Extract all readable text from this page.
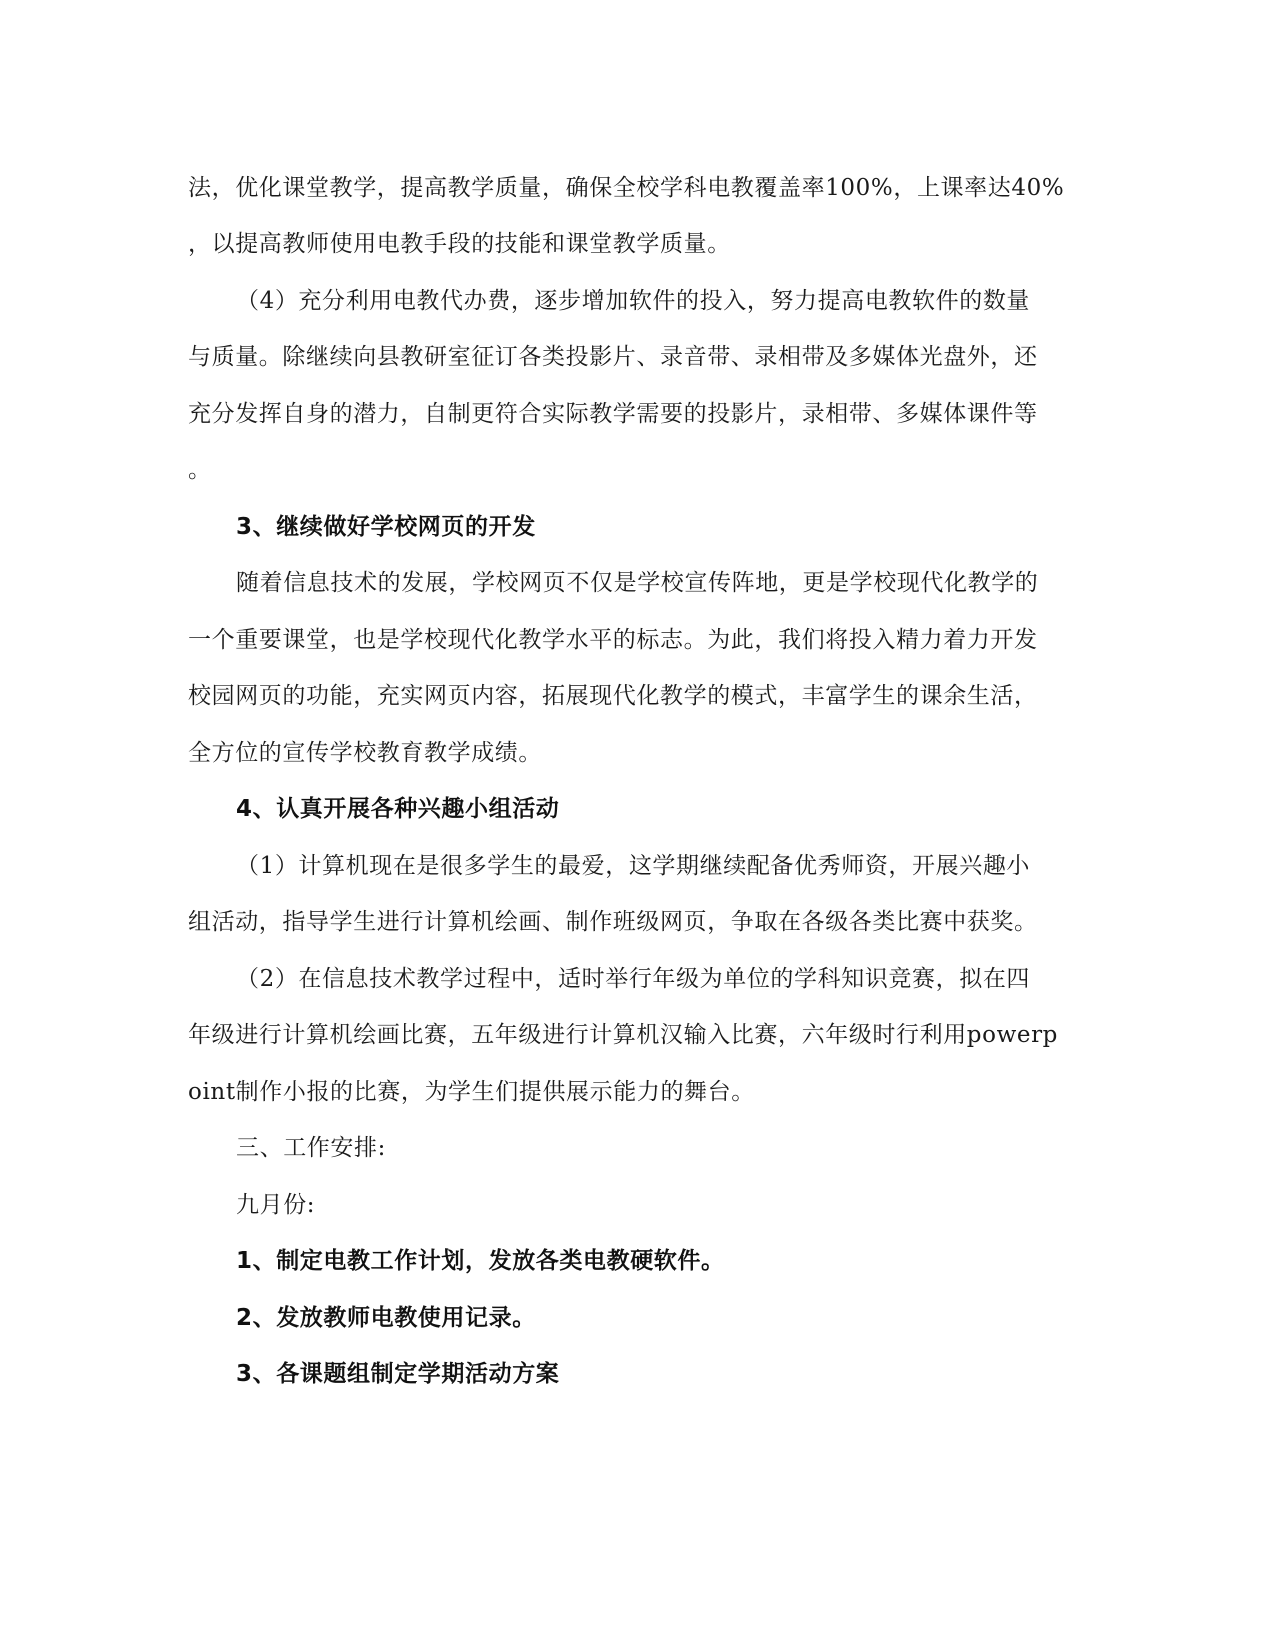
法，优化课堂教学，提高教学质量，确保全校学科电教覆盖率100%，上课率达40%
，以提高教师使用电教手段的技能和课堂教学质量。
（4）充分利用电教代办费，逐步增加软件的投入，努力提高电教软件的数量
与质量。除继续向县教研室征订各类投影片、录音带、录相带及多媒体光盘外，还
充分发挥自身的潜力，自制更符合实际教学需要的投影片，录相带、多媒体课件等
。
3、继续做好学校网页的开发
随着信息技术的发展，学校网页不仅是学校宣传阵地，更是学校现代化教学的
一个重要课堂，也是学校现代化教学水平的标志。为此，我们将投入精力着力开发
校园网页的功能，充实网页内容，拓展现代化教学的模式，丰富学生的课余生活，
全方位的宣传学校教育教学成绩。
4、认真开展各种兴趣小组活动
（1）计算机现在是很多学生的最爱，这学期继续配备优秀师资，开展兴趣小
组活动，指导学生进行计算机绘画、制作班级网页，争取在各级各类比赛中获奖。
（2）在信息技术教学过程中，适时举行年级为单位的学科知识竞赛，拟在四
年级进行计算机绘画比赛，五年级进行计算机汉输入比赛，六年级时行利用powerp
oint制作小报的比赛，为学生们提供展示能力的舞台。
三、工作安排:
九月份:
1、制定电教工作计划，发放各类电教硬软件。
2、发放教师电教使用记录。
3、各课题组制定学期活动方案
